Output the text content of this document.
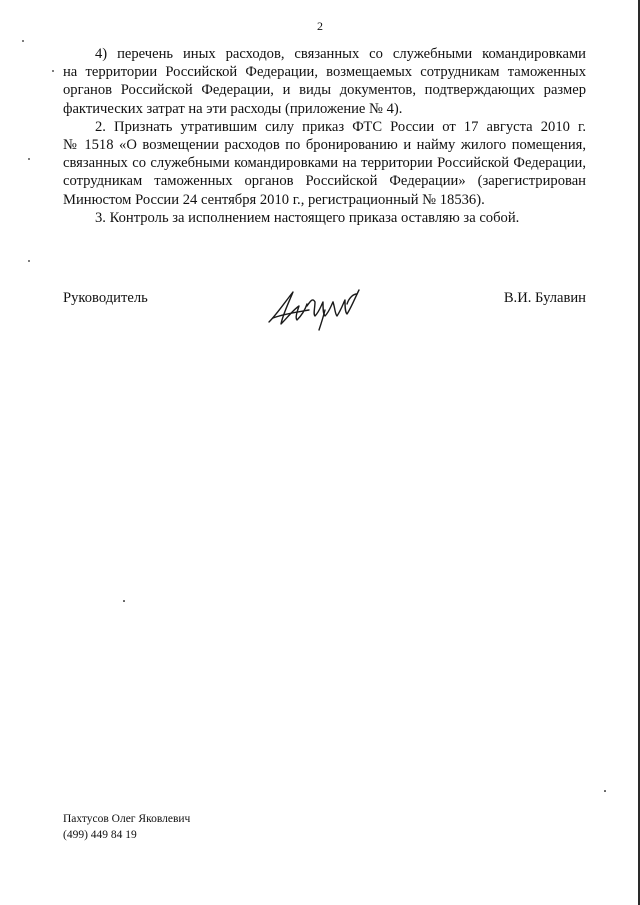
2

4) перечень иных расходов, связанных со служебными командировками на территории Российской Федерации, возмещаемых сотрудникам таможенных органов Российской Федерации, и виды документов, подтверждающих размер фактических затрат на эти расходы (приложение № 4).

2. Признать утратившим силу приказ ФТС России от 17 августа 2010 г. № 1518 «О возмещении расходов по бронированию и найму жилого помещения, связанных со служебными командировками на территории Российской Федерации, сотрудникам таможенных органов Российской Федерации» (зарегистрирован Минюстом России 24 сентября 2010 г., регистрационный № 18536).

3. Контроль за исполнением настоящего приказа оставляю за собой.

Руководитель	В.И. Булавин
Пахтусов Олег Яковлевич
(499) 449 84 19
